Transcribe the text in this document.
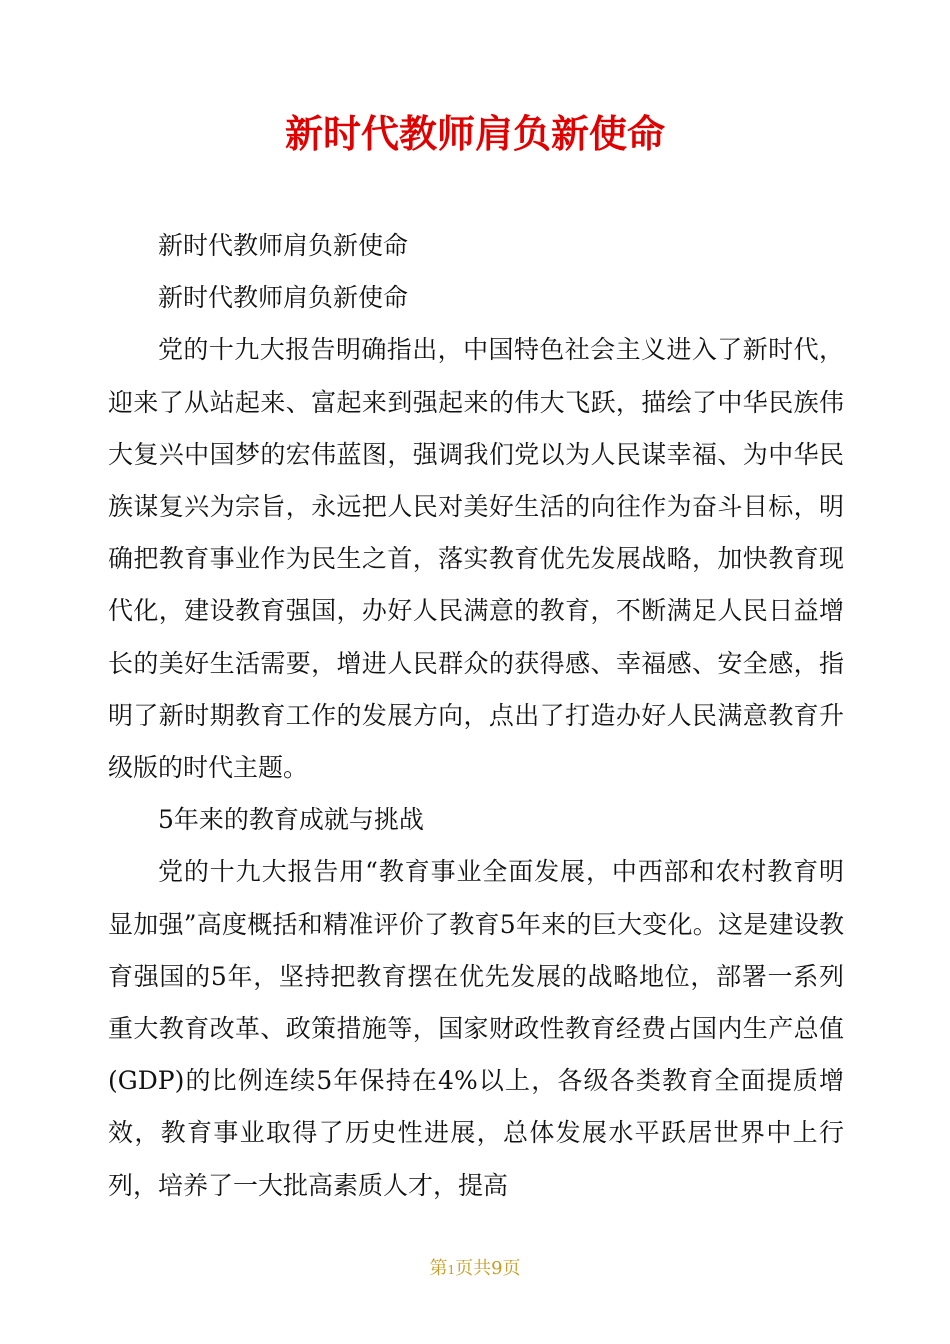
新时代教师肩负新使命

新时代教师肩负新使命

新时代教师肩负新使命

党的十九大报告明确指出，中国特色社会主义进入了新时代，迎来了从站起来、富起来到强起来的伟大飞跃，描绘了中华民族伟大复兴中国梦的宏伟蓝图，强调我们党以为人民谋幸福、为中华民族谋复兴为宗旨，永远把人民对美好生活的向往作为奋斗目标，明确把教育事业作为民生之首，落实教育优先发展战略，加快教育现代化，建设教育强国，办好人民满意的教育，不断满足人民日益增长的美好生活需要，增进人民群众的获得感、幸福感、安全感，指明了新时期教育工作的发展方向，点出了打造办好人民满意教育升级版的时代主题。

5年来的教育成就与挑战

党的十九大报告用“教育事业全面发展，中西部和农村教育明显加强”高度概括和精准评价了教育5年来的巨大变化。这是建设教育强国的5年，坚持把教育摆在优先发展的战略地位，部署一系列重大教育改革、政策措施等，国家财政性教育经费占国内生产总值(GDP)的比例连续5年保持在4%以上，各级各类教育全面提质增效，教育事业取得了历史性进展，总体发展水平跃居世界中上行列，培养了一大批高素质人才，提高

第1页共9页
